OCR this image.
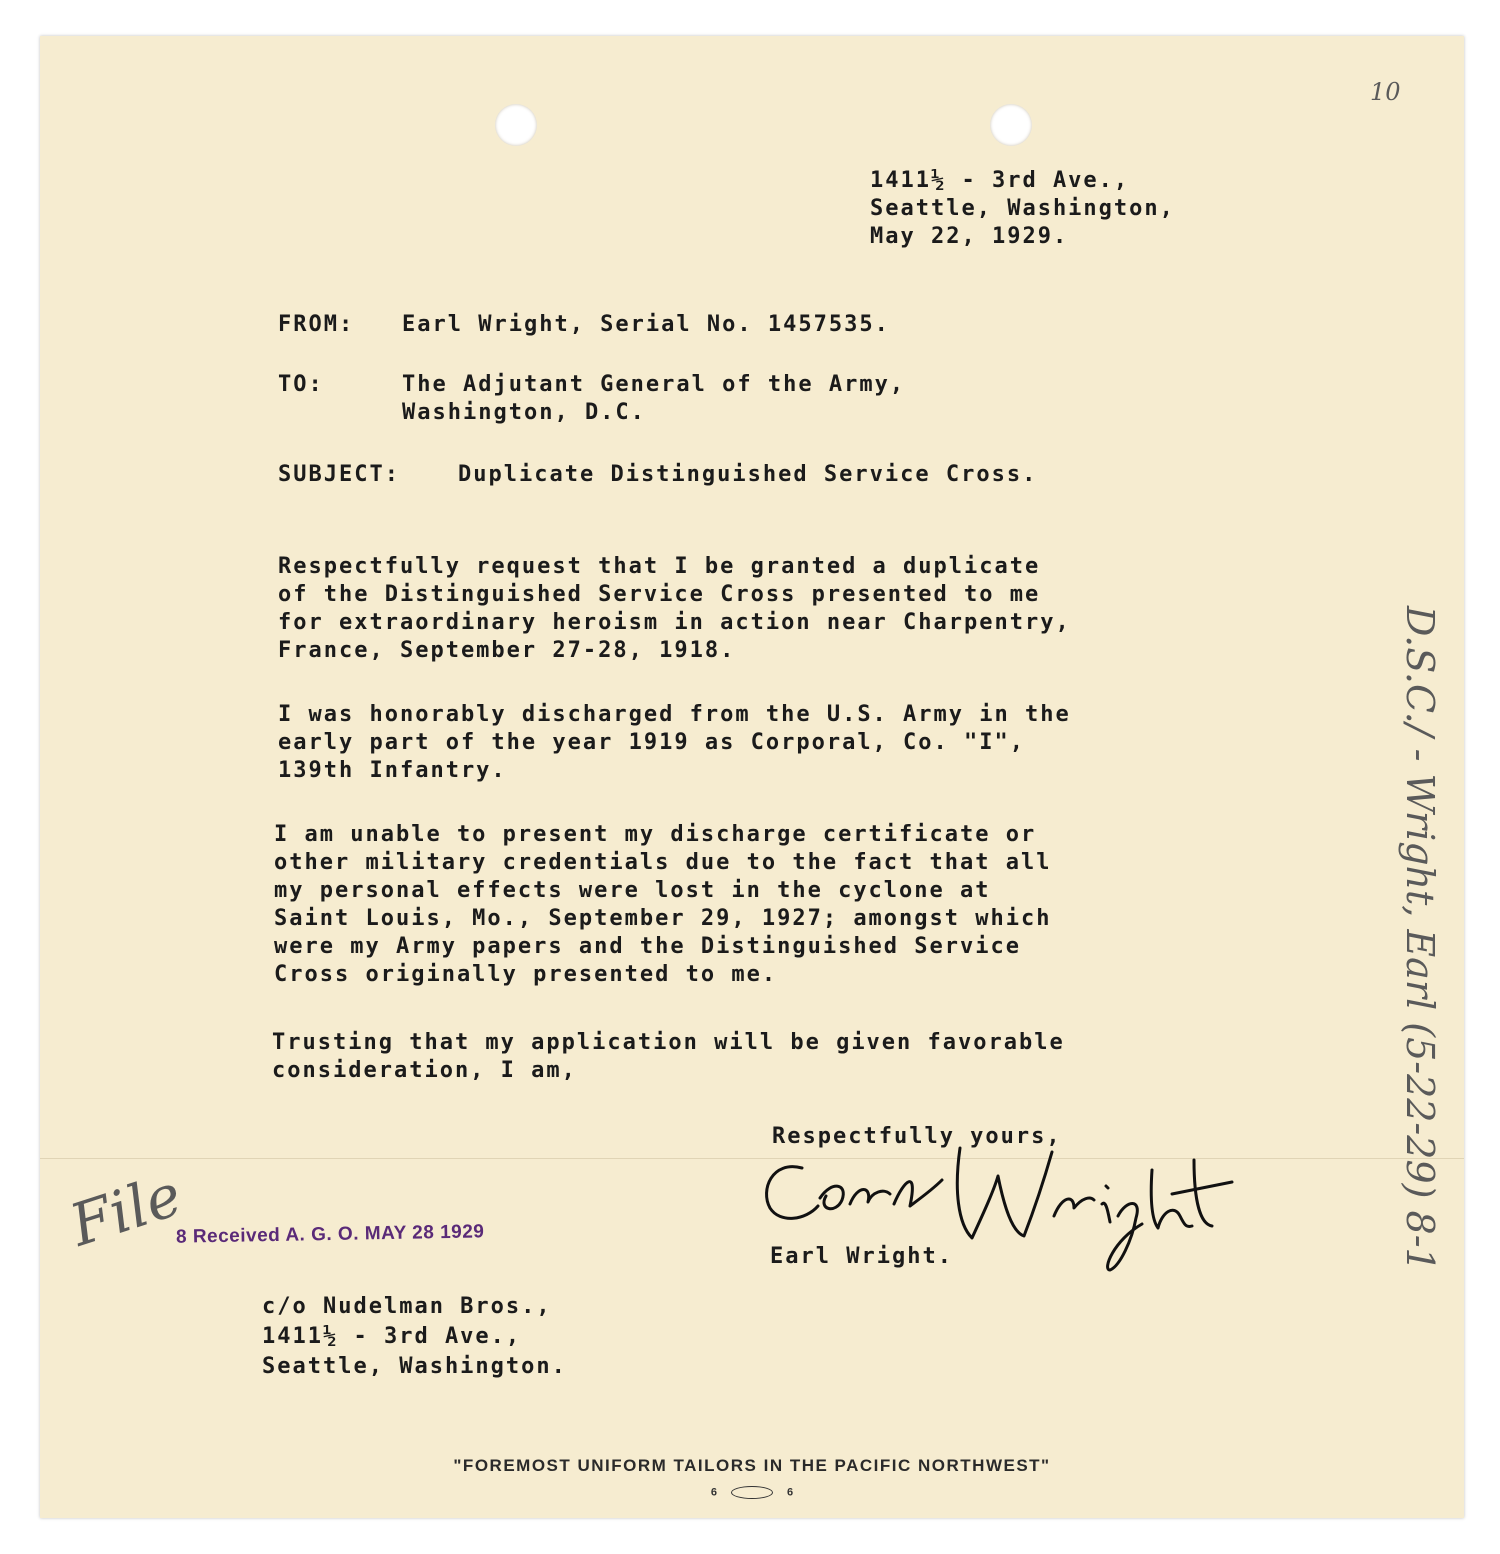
10
1411½ - 3rd Ave.,
Seattle, Washington,
May 22, 1929.
FROM: Earl Wright, Serial No. 1457535.
TO:	The Adjutant General of the Army,
Washington, D.C.
SUBJECT:	Duplicate Distinguished Service Cross.
Respectfully request that I be granted a duplicate
of the Distinguished Service Cross presented to me
for extraordinary heroism in action near Charpentry,
France, September 27-28, 1918.
I was honorably discharged from the U.S. Army in the
early part of the year 1919 as Corporal, Co. "I",
139th Infantry.
I am unable to present my discharge certificate or
other military credentials due to the fact that all
my personal effects were lost in the cyclone at
Saint Louis, Mo., September 29, 1927; amongst which
were my Army papers and the Distinguished Service
Cross originally presented to me.
Trusting that my application will be given favorable
consideration, I am,
Respectfully yours,
Earl Wright.
c/o Nudelman Bros.,
1411½ - 3rd Ave.,
Seattle, Washington.
File
8 Received A. G. O. MAY 28 1929	D.S.C./ - Wright, Earl (5-22-29) 8-1
"FOREMOST UNIFORM TAILORS IN THE PACIFIC NORTHWEST"
6	6
